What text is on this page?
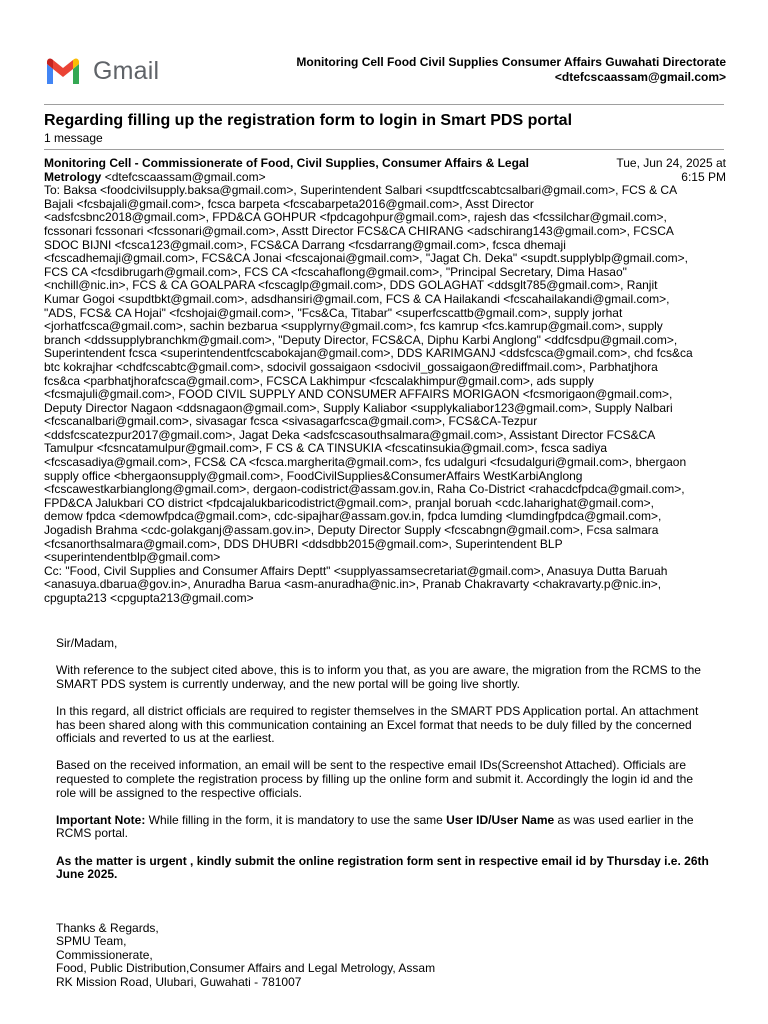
Gmail	Monitoring Cell Food Civil Supplies Consumer Affairs Guwahati Directorate
<dtefcscaassam@gmail.com>
Regarding filling up the registration form to login in Smart PDS portal
1 message
Monitoring Cell - Commissionerate of Food, Civil Supplies, Consumer Affairs & Legal Metrology <dtefcscaassam@gmail.com>
Tue, Jun 24, 2025 at 6:15 PM
To: Baksa <foodcivilsupply.baksa@gmail.com>, Superintendent Salbari <supdtfcscabtcsalbari@gmail.com>, FCS & CA
Bajali <fcsbajali@gmail.com>, fcsca barpeta <fcscabarpeta2016@gmail.com>, Asst Director
<adsfcsbnc2018@gmail.com>, FPD&CA GOHPUR <fpdcagohpur@gmail.com>, rajesh das <fcssilchar@gmail.com>,
fcssonari fcssonari <fcssonari@gmail.com>, Asstt Director FCS&CA CHIRANG <adschirang143@gmail.com>, FCSCA
SDOC BIJNI <fcsca123@gmail.com>, FCS&CA Darrang <fcsdarrang@gmail.com>, fcsca dhemaji
<fcscadhemaji@gmail.com>, FCS&CA Jonai <fcscajonai@gmail.com>, "Jagat Ch. Deka" <supdt.supplyblp@gmail.com>,
FCS CA <fcsdibrugarh@gmail.com>, FCS CA <fcscahaflong@gmail.com>, "Principal Secretary, Dima Hasao"
<nchill@nic.in>, FCS & CA GOALPARA <fcscaglp@gmail.com>, DDS GOLAGHAT <ddsglt785@gmail.com>, Ranjit
Kumar Gogoi <supdtbkt@gmail.com>, adsdhansiri@gmail.com, FCS & CA Hailakandi <fcscahailakandi@gmail.com>,
"ADS, FCS& CA Hojai" <fcshojai@gmail.com>, "Fcs&Ca, Titabar" <superfcscattb@gmail.com>, supply jorhat
<jorhatfcsca@gmail.com>, sachin bezbarua <supplyrny@gmail.com>, fcs kamrup <fcs.kamrup@gmail.com>, supply
branch <ddssupplybranchkm@gmail.com>, "Deputy Director, FCS&CA, Diphu Karbi Anglong" <ddfcsdpu@gmail.com>,
Superintendent fcsca <superintendentfcscabokajan@gmail.com>, DDS KARIMGANJ <ddsfcsca@gmail.com>, chd fcs&ca
btc kokrajhar <chdfcscabtc@gmail.com>, sdocivil gossaigaon <sdocivil_gossaigaon@rediffmail.com>, Parbhatjhora
fcs&ca <parbhatjhorafcsca@gmail.com>, FCSCA Lakhimpur <fcscalakhimpur@gmail.com>, ads supply
<fcsmajuli@gmail.com>, FOOD CIVIL SUPPLY AND CONSUMER AFFAIRS MORIGAON <fcsmorigaon@gmail.com>,
Deputy Director Nagaon <ddsnagaon@gmail.com>, Supply Kaliabor <supplykaliabor123@gmail.com>, Supply Nalbari
<fcscanalbari@gmail.com>, sivasagar fcsca <sivasagarfcsca@gmail.com>, FCS&CA-Tezpur
<ddsfcscatezpur2017@gmail.com>, Jagat Deka <adsfcscasouthsalmara@gmail.com>, Assistant Director FCS&CA
Tamulpur <fcsncatamulpur@gmail.com>, F CS & CA TINSUKIA <fcscatinsukia@gmail.com>, fcsca sadiya
<fcscasadiya@gmail.com>, FCS& CA <fcsca.margherita@gmail.com>, fcs udalguri <fcsudalguri@gmail.com>, bhergaon
supply office <bhergaonsupply@gmail.com>, FoodCivilSupplies&ConsumerAffairs WestKarbiAnglong
<fcscawestkarbianglong@gmail.com>, dergaon-codistrict@assam.gov.in, Raha Co-District <rahacdcfpdca@gmail.com>,
FPD&CA Jalukbari CO district <fpdcajalukbaricodistrict@gmail.com>, pranjal boruah <cdc.laharighat@gmail.com>,
demow fpdca <demowfpdca@gmail.com>, cdc-sipajhar@assam.gov.in, fpdca lumding <lumdingfpdca@gmail.com>,
Jogadish Brahma <cdc-golakganj@assam.gov.in>, Deputy Director Supply <fcscabngn@gmail.com>, Fcsa salmara
<fcsanorthsalmara@gmail.com>, DDS DHUBRI <ddsdbb2015@gmail.com>, Superintendent BLP
<superintendentblp@gmail.com>
Cc: "Food, Civil Supplies and Consumer Affairs Deptt" <supplyassamsecretariat@gmail.com>, Anasuya Dutta Baruah
<anasuya.dbarua@gov.in>, Anuradha Barua <asm-anuradha@nic.in>, Pranab Chakravarty <chakravarty.p@nic.in>,
cpgupta213 <cpgupta213@gmail.com>

Sir/Madam,

With reference to the subject cited above, this is to inform you that, as you are aware, the migration from the RCMS to the SMART PDS system is currently underway, and the new portal will be going live shortly.

In this regard, all district officials are required to register themselves in the SMART PDS Application portal. An attachment has been shared along with this communication containing an Excel format that needs to be duly filled by the concerned officials and reverted to us at the earliest.

Based on the received information, an email will be sent to the respective email IDs(Screenshot Attached). Officials are requested to complete the registration process by filling up the online form and submit it. Accordingly the login id and the role will be assigned to the respective officials.

Important Note: While filling in the form, it is mandatory to use the same User ID/User Name as was used earlier in the RCMS portal.

As the matter is urgent , kindly submit the online registration form sent in respective email id by Thursday i.e. 26th June 2025.

Thanks & Regards,
SPMU Team,
Commissionerate,
Food, Public Distribution,Consumer Affairs and Legal Metrology, Assam
RK Mission Road, Ulubari, Guwahati - 781007
